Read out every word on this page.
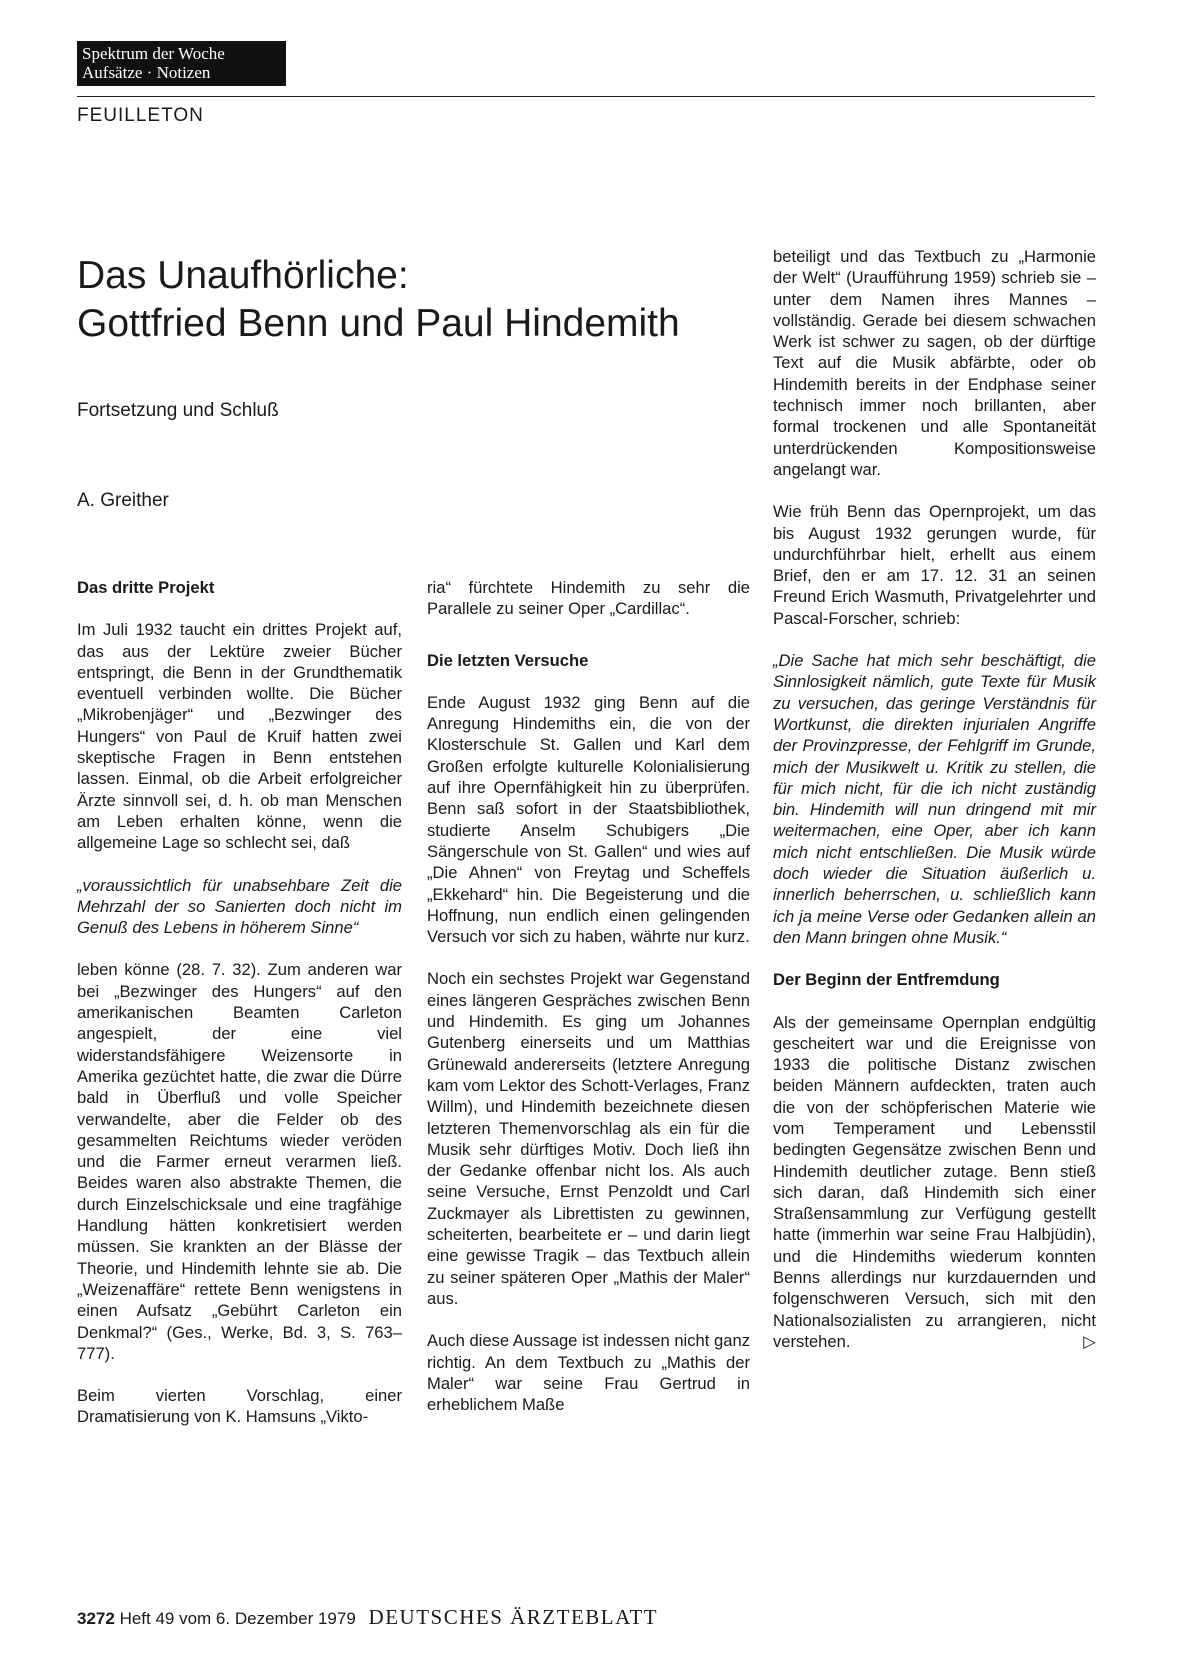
Spektrum der Woche
Aufsätze · Notizen
FEUILLETON
Das Unaufhörliche:
Gottfried Benn und Paul Hindemith
Fortsetzung und Schluß
A. Greither
Das dritte Projekt

Im Juli 1932 taucht ein drittes Projekt auf, das aus der Lektüre zweier Bücher entspringt, die Benn in der Grundthematik eventuell verbinden wollte. Die Bücher „Mikrobenjäger“ und „Bezwinger des Hungers“ von Paul de Kruif hatten zwei skeptische Fragen in Benn entstehen lassen. Einmal, ob die Arbeit erfolgreicher Ärzte sinnvoll sei, d. h. ob man Menschen am Leben erhalten könne, wenn die allgemeine Lage so schlecht sei, daß

„voraussichtlich für unabsehbare Zeit die Mehrzahl der so Sanierten doch nicht im Genuß des Lebens in höherem Sinne“

leben könne (28. 7. 32). Zum anderen war bei „Bezwinger des Hungers“ auf den amerikanischen Beamten Carleton angespielt, der eine viel widerstandsfähigere Weizensorte in Amerika gezüchtet hatte, die zwar die Dürre bald in Überfluß und volle Speicher verwandelte, aber die Felder ob des gesammelten Reichtums wieder veröden und die Farmer erneut verarmen ließ. Beides waren also abstrakte Themen, die durch Einzelschicksale und eine tragfähige Handlung hätten konkretisiert werden müssen. Sie krankten an der Blässe der Theorie, und Hindemith lehnte sie ab. Die „Weizenaffäre“ rettete Benn wenigstens in einen Aufsatz „Gebührt Carleton ein Denkmal?“ (Ges., Werke, Bd. 3, S. 763–777).

Beim vierten Vorschlag, einer Dramatisierung von K. Hamsuns „Vikto-

ria“ fürchtete Hindemith zu sehr die Parallele zu seiner Oper „Cardillac“.

Die letzten Versuche

Ende August 1932 ging Benn auf die Anregung Hindemiths ein, die von der Klosterschule St. Gallen und Karl dem Großen erfolgte kulturelle Kolonialisierung auf ihre Opernfähigkeit hin zu überprüfen. Benn saß sofort in der Staatsbibliothek, studierte Anselm Schubigers „Die Sängerschule von St. Gallen“ und wies auf „Die Ahnen“ von Freytag und Scheffels „Ekkehard“ hin. Die Begeisterung und die Hoffnung, nun endlich einen gelingenden Versuch vor sich zu haben, währte nur kurz.

Noch ein sechstes Projekt war Gegenstand eines längeren Gespräches zwischen Benn und Hindemith. Es ging um Johannes Gutenberg einerseits und um Matthias Grünewald andererseits (letztere Anregung kam vom Lektor des Schott-Verlages, Franz Willm), und Hindemith bezeichnete diesen letzteren Themenvorschlag als ein für die Musik sehr dürftiges Motiv. Doch ließ ihn der Gedanke offenbar nicht los. Als auch seine Versuche, Ernst Penzoldt und Carl Zuckmayer als Librettisten zu gewinnen, scheiterten, bearbeitete er – und darin liegt eine gewisse Tragik – das Textbuch allein zu seiner späteren Oper „Mathis der Maler“ aus.

Auch diese Aussage ist indessen nicht ganz richtig. An dem Textbuch zu „Mathis der Maler“ war seine Frau Gertrud in erheblichem Maße

beteiligt und das Textbuch zu „Harmonie der Welt“ (Uraufführung 1959) schrieb sie – unter dem Namen ihres Mannes – vollständig. Gerade bei diesem schwachen Werk ist schwer zu sagen, ob der dürftige Text auf die Musik abfärbte, oder ob Hindemith bereits in der Endphase seiner technisch immer noch brillanten, aber formal trockenen und alle Spontaneität unterdrückenden Kompositionsweise angelangt war.

Wie früh Benn das Opernprojekt, um das bis August 1932 gerungen wurde, für undurchführbar hielt, erhellt aus einem Brief, den er am 17. 12. 31 an seinen Freund Erich Wasmuth, Privatgelehrter und Pascal-Forscher, schrieb:

„Die Sache hat mich sehr beschäftigt, die Sinnlosigkeit nämlich, gute Texte für Musik zu versuchen, das geringe Verständnis für Wortkunst, die direkten injurialen Angriffe der Provinzpresse, der Fehlgriff im Grunde, mich der Musikwelt u. Kritik zu stellen, die für mich nicht, für die ich nicht zuständig bin. Hindemith will nun dringend mit mir weitermachen, eine Oper, aber ich kann mich nicht entschließen. Die Musik würde doch wieder die Situation äußerlich u. innerlich beherrschen, u. schließlich kann ich ja meine Verse oder Gedanken allein an den Mann bringen ohne Musik.“

Der Beginn der Entfremdung

Als der gemeinsame Opernplan endgültig gescheitert war und die Ereignisse von 1933 die politische Distanz zwischen beiden Männern aufdeckten, traten auch die von der schöpferischen Materie wie vom Temperament und Lebensstil bedingten Gegensätze zwischen Benn und Hindemith deutlicher zutage. Benn stieß sich daran, daß Hindemith sich einer Straßensammlung zur Verfügung gestellt hatte (immerhin war seine Frau Halbjüdin), und die Hindemiths wiederum konnten Benns allerdings nur kurzdauernden und folgenschweren Versuch, sich mit den Nationalsozialisten zu arrangieren, nicht verstehen.	▷

3272 Heft 49 vom 6. Dezember 1979 DEUTSCHES ÄRZTEBLATT
